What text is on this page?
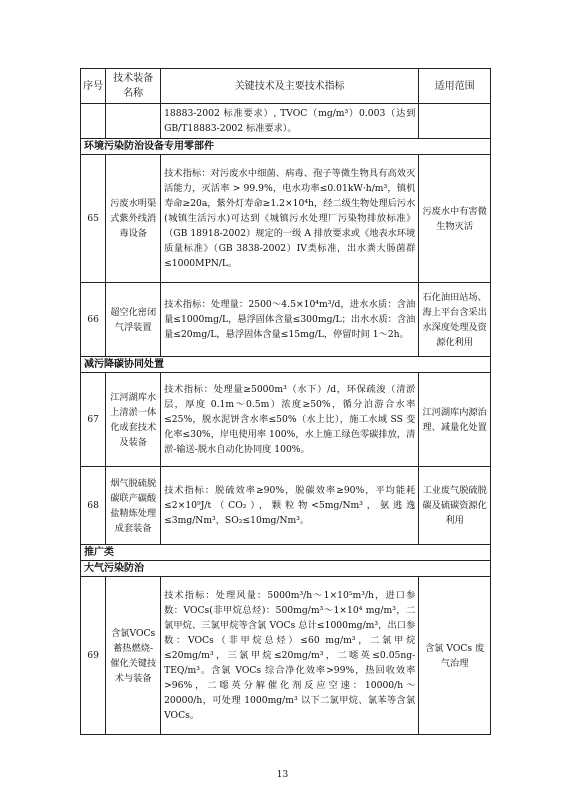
序号	技术装备名称	关键技术及主要技术指标	适用范围
		18883-2002 标准要求）, TVOC（mg/m³）0.003（达到 GB/T18883-2002 标准要求）。	
环境污染防治设备专用零部件			
65	污废水明渠式紫外线消毒设备	技术指标：对污废水中细菌、病毒、孢子等微生物具有高效灭活能力，灭活率 > 99.9%，电水功率≤0.01kW·h/m³，镇机寿命≥20a，紫外灯寿命≥1.2×10⁴h，经二级生物处理后污水(城镇生活污水)可达到《城镇污水处理厂污染物排放标准》（GB 18918-2002）规定的一级 A 排放要求或《地表水环境质量标准》（GB 3838-2002）IV类标准，出水粪大肠菌群≤1000MPN/L。	污废水中有害微生物灭活
66	超空化密闭气浮装置	技术指标：处理量：2500～4.5×10⁴m³/d，进水水质：含油量≤1000mg/L，悬浮固体含量≤300mg/L；出水水质：含油量≤20mg/L，悬浮固体含量≤15mg/L，停留时间 1～2h。	石化油田站场、海上平台含采出水深度处理及资源化利用
减污降碳协同处置			
67	江河湖库水上清淤一体化成套技术及装备	技术指标：处理量≥5000m³（水下）/d，环保疏浚（清淤层，厚度 0.1m～0.5m）浓度≥50%，循分泊游合水率≤25%，脱水泥饼含水率≤50%（水上比），施工水域 SS 变化率≤30%，岸电使用率 100%，水上施工绿色零碳排放，清淤-输送-脱水自动化协同度 100%。	江河湖库内源治理、减量化处置
68	烟气脱硫脱碳联产碳酸盐精炼处理成套装备	技术指标：脱硫效率≥90%，脱碳效率≥90%，平均能耗≤2×10⁹J/t（CO₂），颗粒物<5mg/Nm³，氨逃逸≤3mg/Nm³，SO₂≤10mg/Nm³。	工业废气脱硫脱碳及硫碳资源化利用
推广类			
大气污染防治			
69	含氯VOCs 蓄热燃烧-催化关键技术与装备	技术指标：处理风量：5000m³/h～1×10⁵m³/h，进口参数：VOCs(非甲烷总烃)：500mg/m³～1×10⁴ mg/m³，二氯甲烷、三氯甲烷等含氯 VOCs 总计≤1000mg/m³，出口参数：VOCs（非甲烷总烃）≤60 mg/m³，二氯甲烷≤20mg/m³，三氯甲烷≤20mg/m³，二噁英≤0.05ng-TEQ/m³。含氯 VOCs 综合净化效率>99%，热回收效率>96%，二噁英分解催化剂反应空速：10000/h～20000/h，可处理 1000mg/m³ 以下二氯甲烷、氯苯等含氯 VOCs。	含氯 VOCs 废气治理
13
